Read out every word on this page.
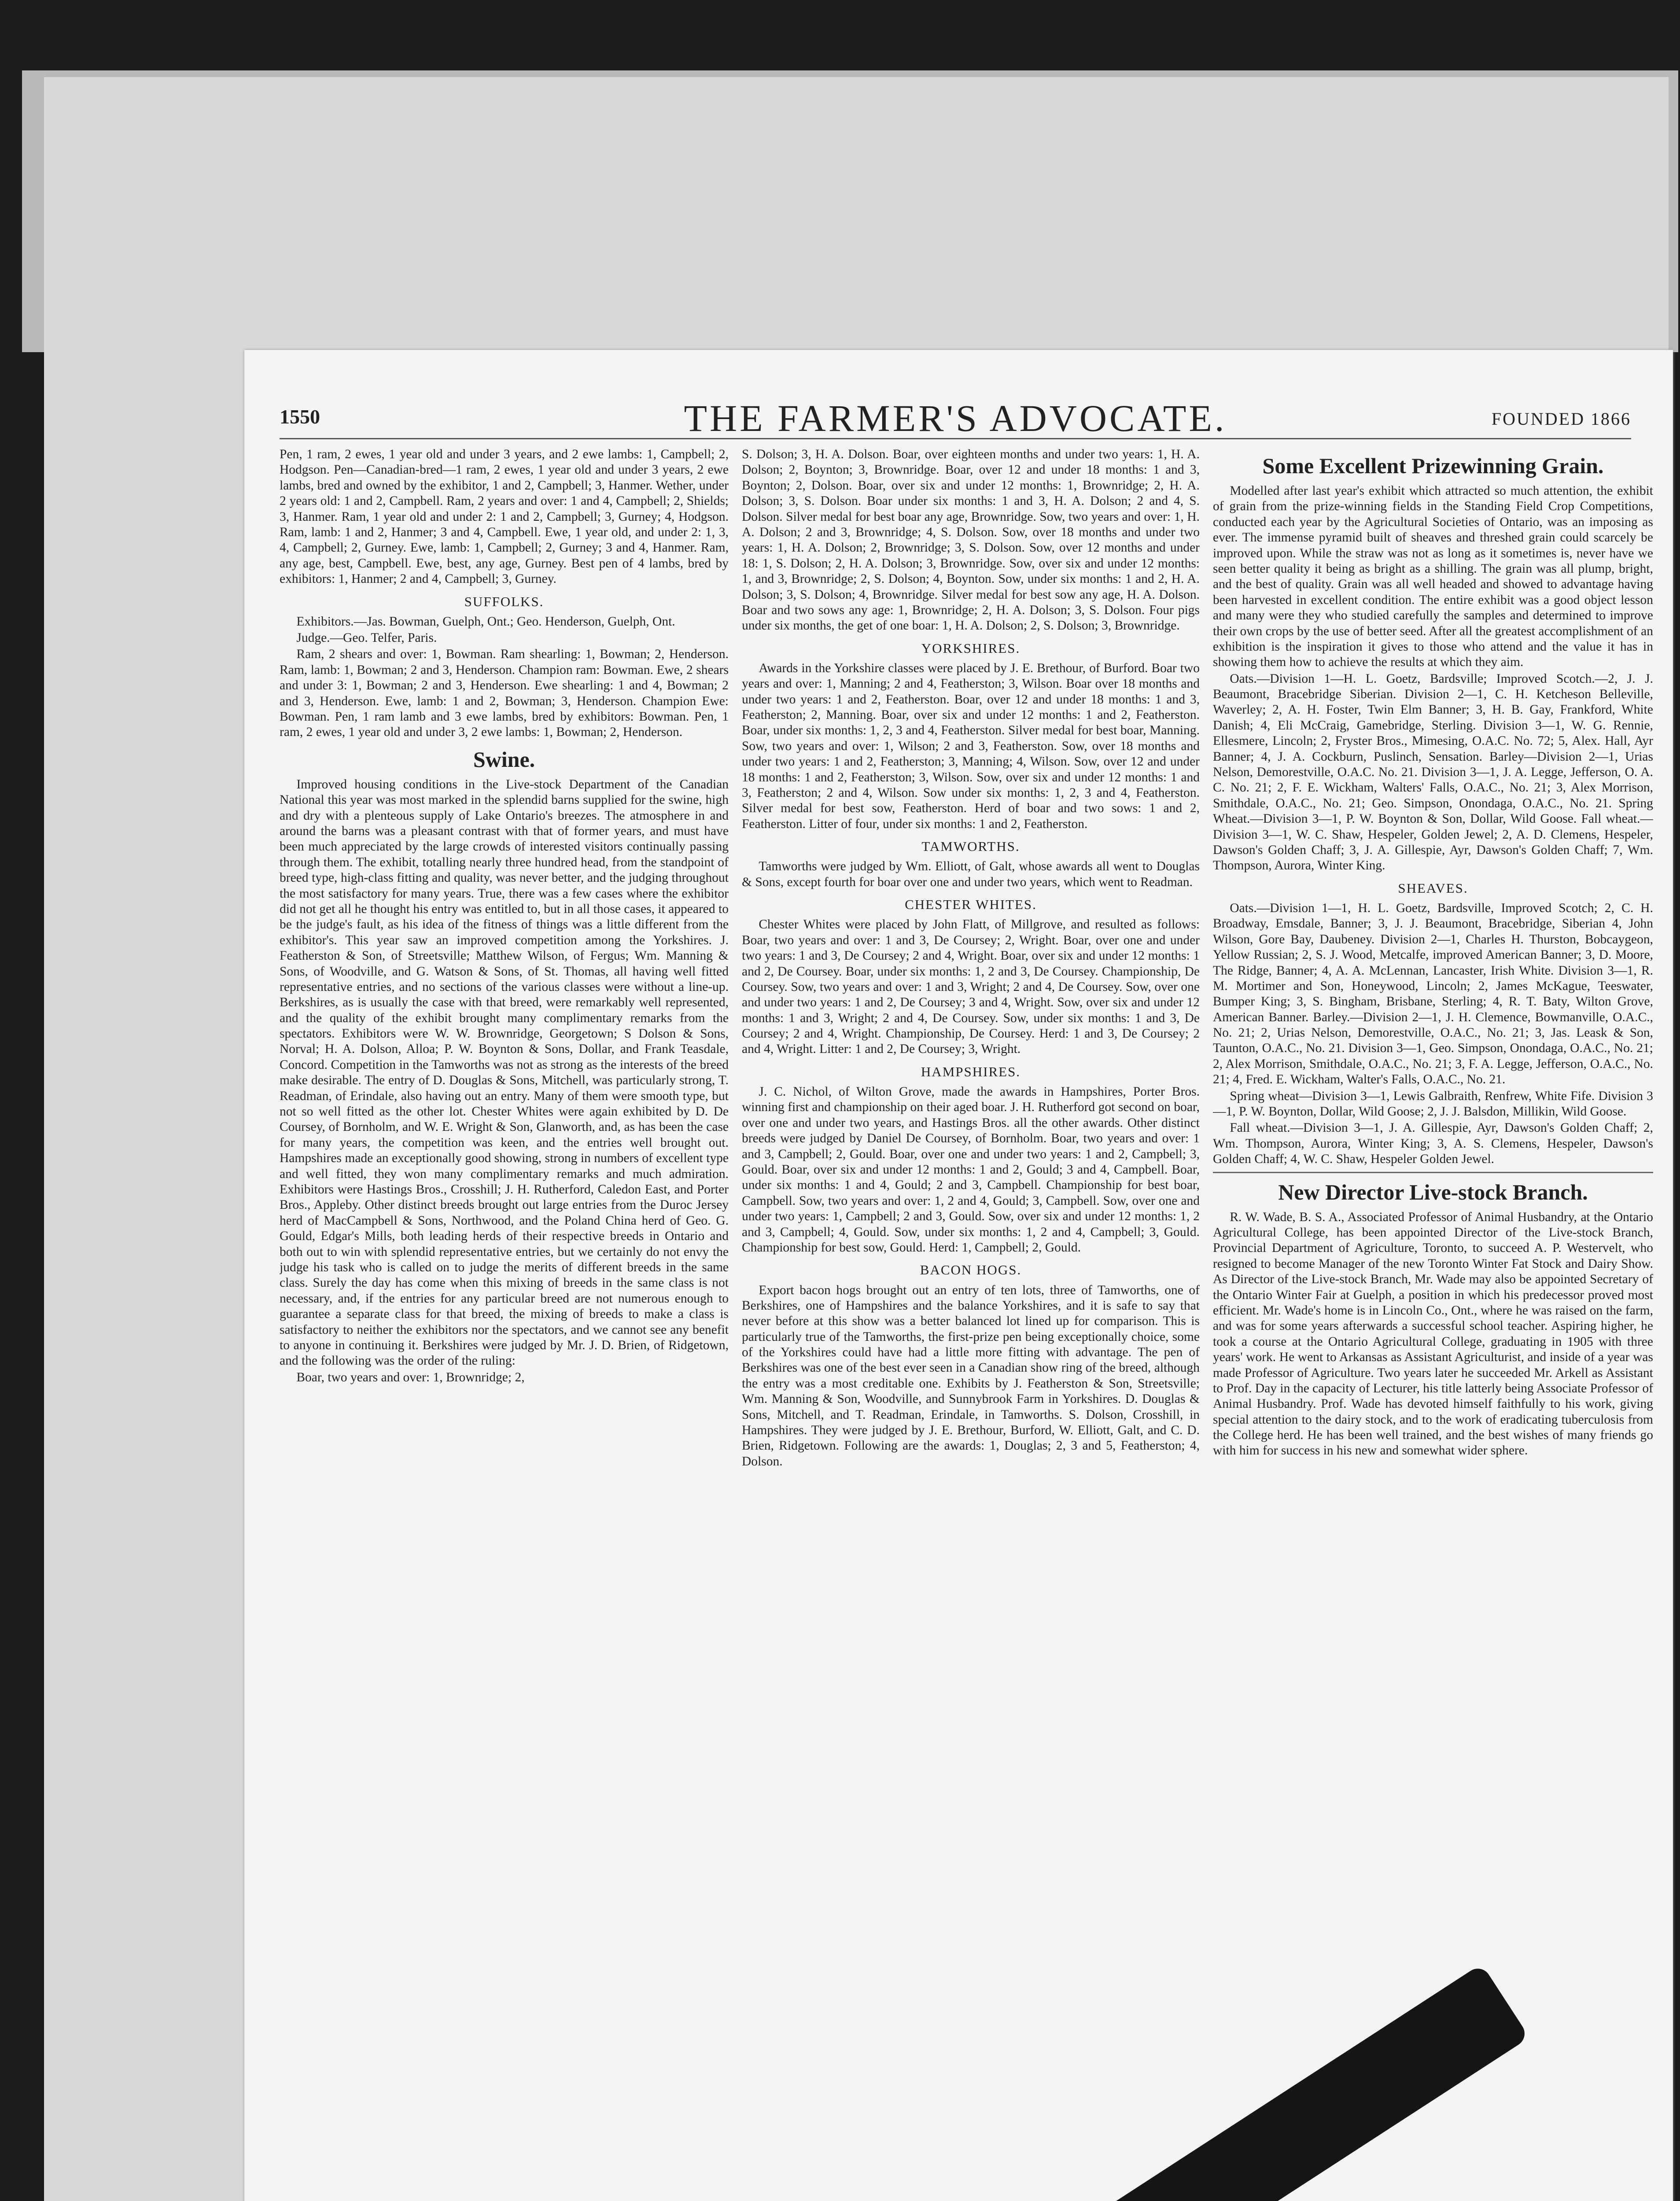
1550	THE FARMER'S ADVOCATE.	FOUNDED 1866

Pen, 1 ram, 2 ewes, 1 year old and under 3 years, and 2 ewe lambs: 1, Campbell; 2, Hodgson. Pen—Canadian-bred—1 ram, 2 ewes, 1 year old and under 3 years, 2 ewe lambs, bred and owned by the exhibitor, 1 and 2, Campbell; 3, Hanmer. Wether, under 2 years old: 1 and 2, Campbell. Ram, 2 years and over: 1 and 4, Campbell; 2, Shields; 3, Hanmer. Ram, 1 year old and under 2: 1 and 2, Campbell; 3, Gurney; 4, Hodgson. Ram, lamb: 1 and 2, Hanmer; 3 and 4, Campbell. Ewe, 1 year old, and under 2: 1, 3, 4, Campbell; 2, Gurney. Ewe, lamb: 1, Campbell; 2, Gurney; 3 and 4, Hanmer. Ram, any age, best, Campbell. Ewe, best, any age, Gurney. Best pen of 4 lambs, bred by exhibitors: 1, Hanmer; 2 and 4, Campbell; 3, Gurney.

SUFFOLKS.

Exhibitors.—Jas. Bowman, Guelph, Ont.; Geo. Henderson, Guelph, Ont.

Judge.—Geo. Telfer, Paris.

Ram, 2 shears and over: 1, Bowman. Ram shearling: 1, Bowman; 2, Henderson. Ram, lamb: 1, Bowman; 2 and 3, Henderson. Champion ram: Bowman. Ewe, 2 shears and under 3: 1, Bowman; 2 and 3, Henderson. Ewe shearling: 1 and 4, Bowman; 2 and 3, Henderson. Ewe, lamb: 1 and 2, Bowman; 3, Henderson. Champion Ewe: Bowman. Pen, 1 ram lamb and 3 ewe lambs, bred by exhibitors: Bowman. Pen, 1 ram, 2 ewes, 1 year old and under 3, 2 ewe lambs: 1, Bowman; 2, Henderson.

Swine.

Improved housing conditions in the Live-stock Department of the Canadian National this year was most marked in the splendid barns supplied for the swine, high and dry with a plenteous supply of Lake Ontario's breezes. The atmosphere in and around the barns was a pleasant contrast with that of former years, and must have been much appreciated by the large crowds of interested visitors continually passing through them. The exhibit, totalling nearly three hundred head, from the standpoint of breed type, high-class fitting and quality, was never better, and the judging throughout the most satisfactory for many years. True, there was a few cases where the exhibitor did not get all he thought his entry was entitled to, but in all those cases, it appeared to be the judge's fault, as his idea of the fitness of things was a little different from the exhibitor's. This year saw an improved competition among the Yorkshires. J. Featherston & Son, of Streetsville; Matthew Wilson, of Fergus; Wm. Manning & Sons, of Woodville, and G. Watson & Sons, of St. Thomas, all having well fitted representative entries, and no sections of the various classes were without a line-up. Berkshires, as is usually the case with that breed, were remarkably well represented, and the quality of the exhibit brought many complimentary remarks from the spectators. Exhibitors were W. W. Brownridge, Georgetown; S Dolson & Sons, Norval; H. A. Dolson, Alloa; P. W. Boynton & Sons, Dollar, and Frank Teasdale, Concord. Competition in the Tamworths was not as strong as the interests of the breed make desirable. The entry of D. Douglas & Sons, Mitchell, was particularly strong, T. Readman, of Erindale, also having out an entry. Many of them were smooth type, but not so well fitted as the other lot. Chester Whites were again exhibited by D. De Coursey, of Bornholm, and W. E. Wright & Son, Glanworth, and, as has been the case for many years, the competition was keen, and the entries well brought out. Hampshires made an exceptionally good showing, strong in numbers of excellent type and well fitted, they won many complimentary remarks and much admiration. Exhibitors were Hastings Bros., Crosshill; J. H. Rutherford, Caledon East, and Porter Bros., Appleby. Other distinct breeds brought out large entries from the Duroc Jersey herd of MacCampbell & Sons, Northwood, and the Poland China herd of Geo. G. Gould, Edgar's Mills, both leading herds of their respective breeds in Ontario and both out to win with splendid representative entries, but we certainly do not envy the judge his task who is called on to judge the merits of different breeds in the same class. Surely the day has come when this mixing of breeds in the same class is not necessary, and, if the entries for any particular breed are not numerous enough to guarantee a separate class for that breed, the mixing of breeds to make a class is satisfactory to neither the exhibitors nor the spectators, and we cannot see any benefit to anyone in continuing it. Berkshires were judged by Mr. J. D. Brien, of Ridgetown, and the following was the order of the ruling:

Boar, two years and over: 1, Brownridge; 2,

S. Dolson; 3, H. A. Dolson. Boar, over eighteen months and under two years: 1, H. A. Dolson; 2, Boynton; 3, Brownridge. Boar, over 12 and under 18 months: 1 and 3, Boynton; 2, Dolson. Boar, over six and under 12 months: 1, Brownridge; 2, H. A. Dolson; 3, S. Dolson. Boar under six months: 1 and 3, H. A. Dolson; 2 and 4, S. Dolson. Silver medal for best boar any age, Brownridge. Sow, two years and over: 1, H. A. Dolson; 2 and 3, Brownridge; 4, S. Dolson. Sow, over 18 months and under two years: 1, H. A. Dolson; 2, Brownridge; 3, S. Dolson. Sow, over 12 months and under 18: 1, S. Dolson; 2, H. A. Dolson; 3, Brownridge. Sow, over six and under 12 months: 1, and 3, Brownridge; 2, S. Dolson; 4, Boynton. Sow, under six months: 1 and 2, H. A. Dolson; 3, S. Dolson; 4, Brownridge. Silver medal for best sow any age, H. A. Dolson. Boar and two sows any age: 1, Brownridge; 2, H. A. Dolson; 3, S. Dolson. Four pigs under six months, the get of one boar: 1, H. A. Dolson; 2, S. Dolson; 3, Brownridge.

YORKSHIRES.

Awards in the Yorkshire classes were placed by J. E. Brethour, of Burford. Boar two years and over: 1, Manning; 2 and 4, Featherston; 3, Wilson. Boar over 18 months and under two years: 1 and 2, Featherston. Boar, over 12 and under 18 months: 1 and 3, Featherston; 2, Manning. Boar, over six and under 12 months: 1 and 2, Featherston. Boar, under six months: 1, 2, 3 and 4, Featherston. Silver medal for best boar, Manning. Sow, two years and over: 1, Wilson; 2 and 3, Featherston. Sow, over 18 months and under two years: 1 and 2, Featherston; 3, Manning; 4, Wilson. Sow, over 12 and under 18 months: 1 and 2, Featherston; 3, Wilson. Sow, over six and under 12 months: 1 and 3, Featherston; 2 and 4, Wilson. Sow under six months: 1, 2, 3 and 4, Featherston. Silver medal for best sow, Featherston. Herd of boar and two sows: 1 and 2, Featherston. Litter of four, under six months: 1 and 2, Featherston.

TAMWORTHS.

Tamworths were judged by Wm. Elliott, of Galt, whose awards all went to Douglas & Sons, except fourth for boar over one and under two years, which went to Readman.

CHESTER WHITES.

Chester Whites were placed by John Flatt, of Millgrove, and resulted as follows: Boar, two years and over: 1 and 3, De Coursey; 2, Wright. Boar, over one and under two years: 1 and 3, De Coursey; 2 and 4, Wright. Boar, over six and under 12 months: 1 and 2, De Coursey. Boar, under six months: 1, 2 and 3, De Coursey. Championship, De Coursey. Sow, two years and over: 1 and 3, Wright; 2 and 4, De Coursey. Sow, over one and under two years: 1 and 2, De Coursey; 3 and 4, Wright. Sow, over six and under 12 months: 1 and 3, Wright; 2 and 4, De Coursey. Sow, under six months: 1 and 3, De Coursey; 2 and 4, Wright. Championship, De Coursey. Herd: 1 and 3, De Coursey; 2 and 4, Wright. Litter: 1 and 2, De Coursey; 3, Wright.

HAMPSHIRES.

J. C. Nichol, of Wilton Grove, made the awards in Hampshires, Porter Bros. winning first and championship on their aged boar. J. H. Rutherford got second on boar, over one and under two years, and Hastings Bros. all the other awards. Other distinct breeds were judged by Daniel De Coursey, of Bornholm. Boar, two years and over: 1 and 3, Campbell; 2, Gould. Boar, over one and under two years: 1 and 2, Campbell; 3, Gould. Boar, over six and under 12 months: 1 and 2, Gould; 3 and 4, Campbell. Boar, under six months: 1 and 4, Gould; 2 and 3, Campbell. Championship for best boar, Campbell. Sow, two years and over: 1, 2 and 4, Gould; 3, Campbell. Sow, over one and under two years: 1, Campbell; 2 and 3, Gould. Sow, over six and under 12 months: 1, 2 and 3, Campbell; 4, Gould. Sow, under six months: 1, 2 and 4, Campbell; 3, Gould. Championship for best sow, Gould. Herd: 1, Campbell; 2, Gould.

BACON HOGS.

Export bacon hogs brought out an entry of ten lots, three of Tamworths, one of Berkshires, one of Hampshires and the balance Yorkshires, and it is safe to say that never before at this show was a better balanced lot lined up for comparison. This is particularly true of the Tamworths, the first-prize pen being exceptionally choice, some of the Yorkshires could have had a little more fitting with advantage. The pen of Berkshires was one of the best ever seen in a Canadian show ring of the breed, although the entry was a most creditable one. Exhibits by J. Featherston & Son, Streetsville; Wm. Manning & Son, Woodville, and Sunnybrook Farm in Yorkshires. D. Douglas & Sons, Mitchell, and T. Readman, Erindale, in Tamworths. S. Dolson, Crosshill, in Hampshires. They were judged by J. E. Brethour, Burford, W. Elliott, Galt, and C. D. Brien, Ridgetown. Following are the awards: 1, Douglas; 2, 3 and 5, Featherston; 4, Dolson.

Some Excellent Prizewinning Grain.

Modelled after last year's exhibit which attracted so much attention, the exhibit of grain from the prize-winning fields in the Standing Field Crop Competitions, conducted each year by the Agricultural Societies of Ontario, was an imposing as ever. The immense pyramid built of sheaves and threshed grain could scarcely be improved upon. While the straw was not as long as it sometimes is, never have we seen better quality it being as bright as a shilling. The grain was all plump, bright, and the best of quality. Grain was all well headed and showed to advantage having been harvested in excellent condition. The entire exhibit was a good object lesson and many were they who studied carefully the samples and determined to improve their own crops by the use of better seed. After all the greatest accomplishment of an exhibition is the inspiration it gives to those who attend and the value it has in showing them how to achieve the results at which they aim.

Oats.—Division 1—H. L. Goetz, Bardsville; Improved Scotch.—2, J. J. Beaumont, Bracebridge Siberian. Division 2—1, C. H. Ketcheson Belleville, Waverley; 2, A. H. Foster, Twin Elm Banner; 3, H. B. Gay, Frankford, White Danish; 4, Eli McCraig, Gamebridge, Sterling. Division 3—1, W. G. Rennie, Ellesmere, Lincoln; 2, Fryster Bros., Mimesing, O.A.C. No. 72; 5, Alex. Hall, Ayr Banner; 4, J. A. Cockburn, Puslinch, Sensation. Barley—Division 2—1, Urias Nelson, Demorestville, O.A.C. No. 21. Division 3—1, J. A. Legge, Jefferson, O. A. C. No. 21; 2, F. E. Wickham, Walters' Falls, O.A.C., No. 21; 3, Alex Morrison, Smithdale, O.A.C., No. 21; Geo. Simpson, Onondaga, O.A.C., No. 21. Spring Wheat.—Division 3—1, P. W. Boynton & Son, Dollar, Wild Goose. Fall wheat.—Division 3—1, W. C. Shaw, Hespeler, Golden Jewel; 2, A. D. Clemens, Hespeler, Dawson's Golden Chaff; 3, J. A. Gillespie, Ayr, Dawson's Golden Chaff; 7, Wm. Thompson, Aurora, Winter King.

SHEAVES.

Oats.—Division 1—1, H. L. Goetz, Bardsville, Improved Scotch; 2, C. H. Broadway, Emsdale, Banner; 3, J. J. Beaumont, Bracebridge, Siberian 4, John Wilson, Gore Bay, Daubeney. Division 2—1, Charles H. Thurston, Bobcaygeon, Yellow Russian; 2, S. J. Wood, Metcalfe, improved American Banner; 3, D. Moore, The Ridge, Banner; 4, A. A. McLennan, Lancaster, Irish White. Division 3—1, R. M. Mortimer and Son, Honeywood, Lincoln; 2, James McKague, Teeswater, Bumper King; 3, S. Bingham, Brisbane, Sterling; 4, R. T. Baty, Wilton Grove, American Banner. Barley.—Division 2—1, J. H. Clemence, Bowmanville, O.A.C., No. 21; 2, Urias Nelson, Demorestville, O.A.C., No. 21; 3, Jas. Leask & Son, Taunton, O.A.C., No. 21. Division 3—1, Geo. Simpson, Onondaga, O.A.C., No. 21; 2, Alex Morrison, Smithdale, O.A.C., No. 21; 3, F. A. Legge, Jefferson, O.A.C., No. 21; 4, Fred. E. Wickham, Walter's Falls, O.A.C., No. 21.

Spring wheat—Division 3—1, Lewis Galbraith, Renfrew, White Fife. Division 3—1, P. W. Boynton, Dollar, Wild Goose; 2, J. J. Balsdon, Millikin, Wild Goose.

Fall wheat.—Division 3—1, J. A. Gillespie, Ayr, Dawson's Golden Chaff; 2, Wm. Thompson, Aurora, Winter King; 3, A. S. Clemens, Hespeler, Dawson's Golden Chaff; 4, W. C. Shaw, Hespeler Golden Jewel.

New Director Live-stock Branch.

R. W. Wade, B. S. A., Associated Professor of Animal Husbandry, at the Ontario Agricultural College, has been appointed Director of the Live-stock Branch, Provincial Department of Agriculture, Toronto, to succeed A. P. Westervelt, who resigned to become Manager of the new Toronto Winter Fat Stock and Dairy Show. As Director of the Live-stock Branch, Mr. Wade may also be appointed Secretary of the Ontario Winter Fair at Guelph, a position in which his predecessor proved most efficient. Mr. Wade's home is in Lincoln Co., Ont., where he was raised on the farm, and was for some years afterwards a successful school teacher. Aspiring higher, he took a course at the Ontario Agricultural College, graduating in 1905 with three years' work. He went to Arkansas as Assistant Agriculturist, and inside of a year was made Professor of Agriculture. Two years later he succeeded Mr. Arkell as Assistant to Prof. Day in the capacity of Lecturer, his title latterly being Associate Professor of Animal Husbandry. Prof. Wade has devoted himself faithfully to his work, giving special attention to the dairy stock, and to the work of eradicating tuberculosis from the College herd. He has been well trained, and the best wishes of many friends go with him for success in his new and somewhat wider sphere.
